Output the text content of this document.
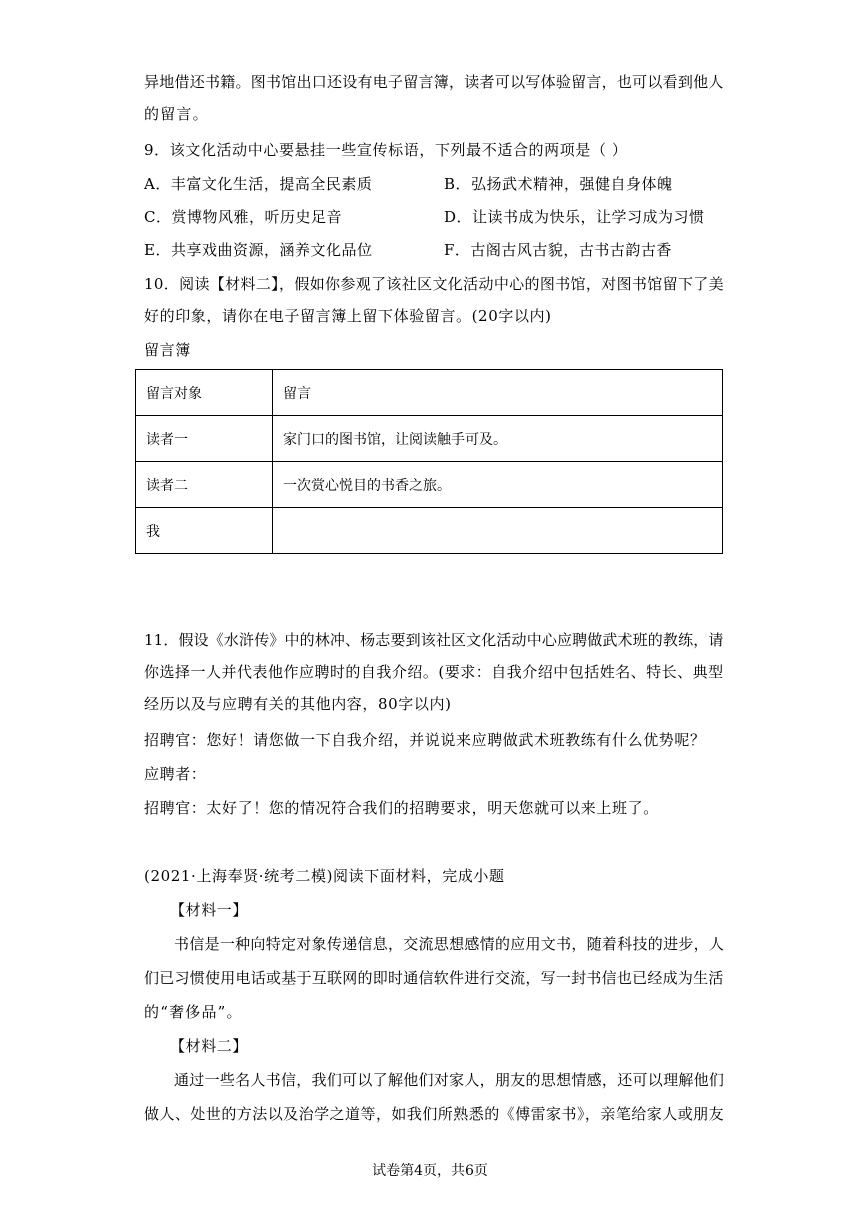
异地借还书籍。图书馆出口还设有电子留言簿，读者可以写体验留言，也可以看到他人
的留言。
9．该文化活动中心要悬挂一些宣传标语，下列最不适合的两项是（ ）
A．丰富文化生活，提高全民素质	B．弘扬武术精神，强健自身体魄
C．赏博物风雅，听历史足音	D．让读书成为快乐，让学习成为习惯
E．共享戏曲资源，涵养文化品位	F．古阁古风古貌，古书古韵古香
10．阅读【材料二】，假如你参观了该社区文化活动中心的图书馆，对图书馆留下了美
好的印象，请你在电子留言簿上留下体验留言。(20字以内)
留言簿
留言对象	留言
读者一	家门口的图书馆，让阅读触手可及。
读者二	一次赏心悦目的书香之旅。
我	
11．假设《水浒传》中的林冲、杨志要到该社区文化活动中心应聘做武术班的教练，请
你选择一人并代表他作应聘时的自我介绍。(要求：自我介绍中包括姓名、特长、典型
经历以及与应聘有关的其他内容，80字以内)
招聘官：您好！请您做一下自我介绍，并说说来应聘做武术班教练有什么优势呢？
应聘者：
招聘官：太好了！您的情况符合我们的招聘要求，明天您就可以来上班了。
(2021·上海奉贤·统考二模)阅读下面材料，完成小题
【材料一】
书信是一种向特定对象传递信息，交流思想感情的应用文书，随着科技的进步，人
们已习惯使用电话或基于互联网的即时通信软件进行交流，写一封书信也已经成为生活
的“奢侈品”。
【材料二】
通过一些名人书信，我们可以了解他们对家人，朋友的思想情感，还可以理解他们
做人、处世的方法以及治学之道等，如我们所熟悉的《傅雷家书》，亲笔给家人或朋友
试卷第4页，共6页
